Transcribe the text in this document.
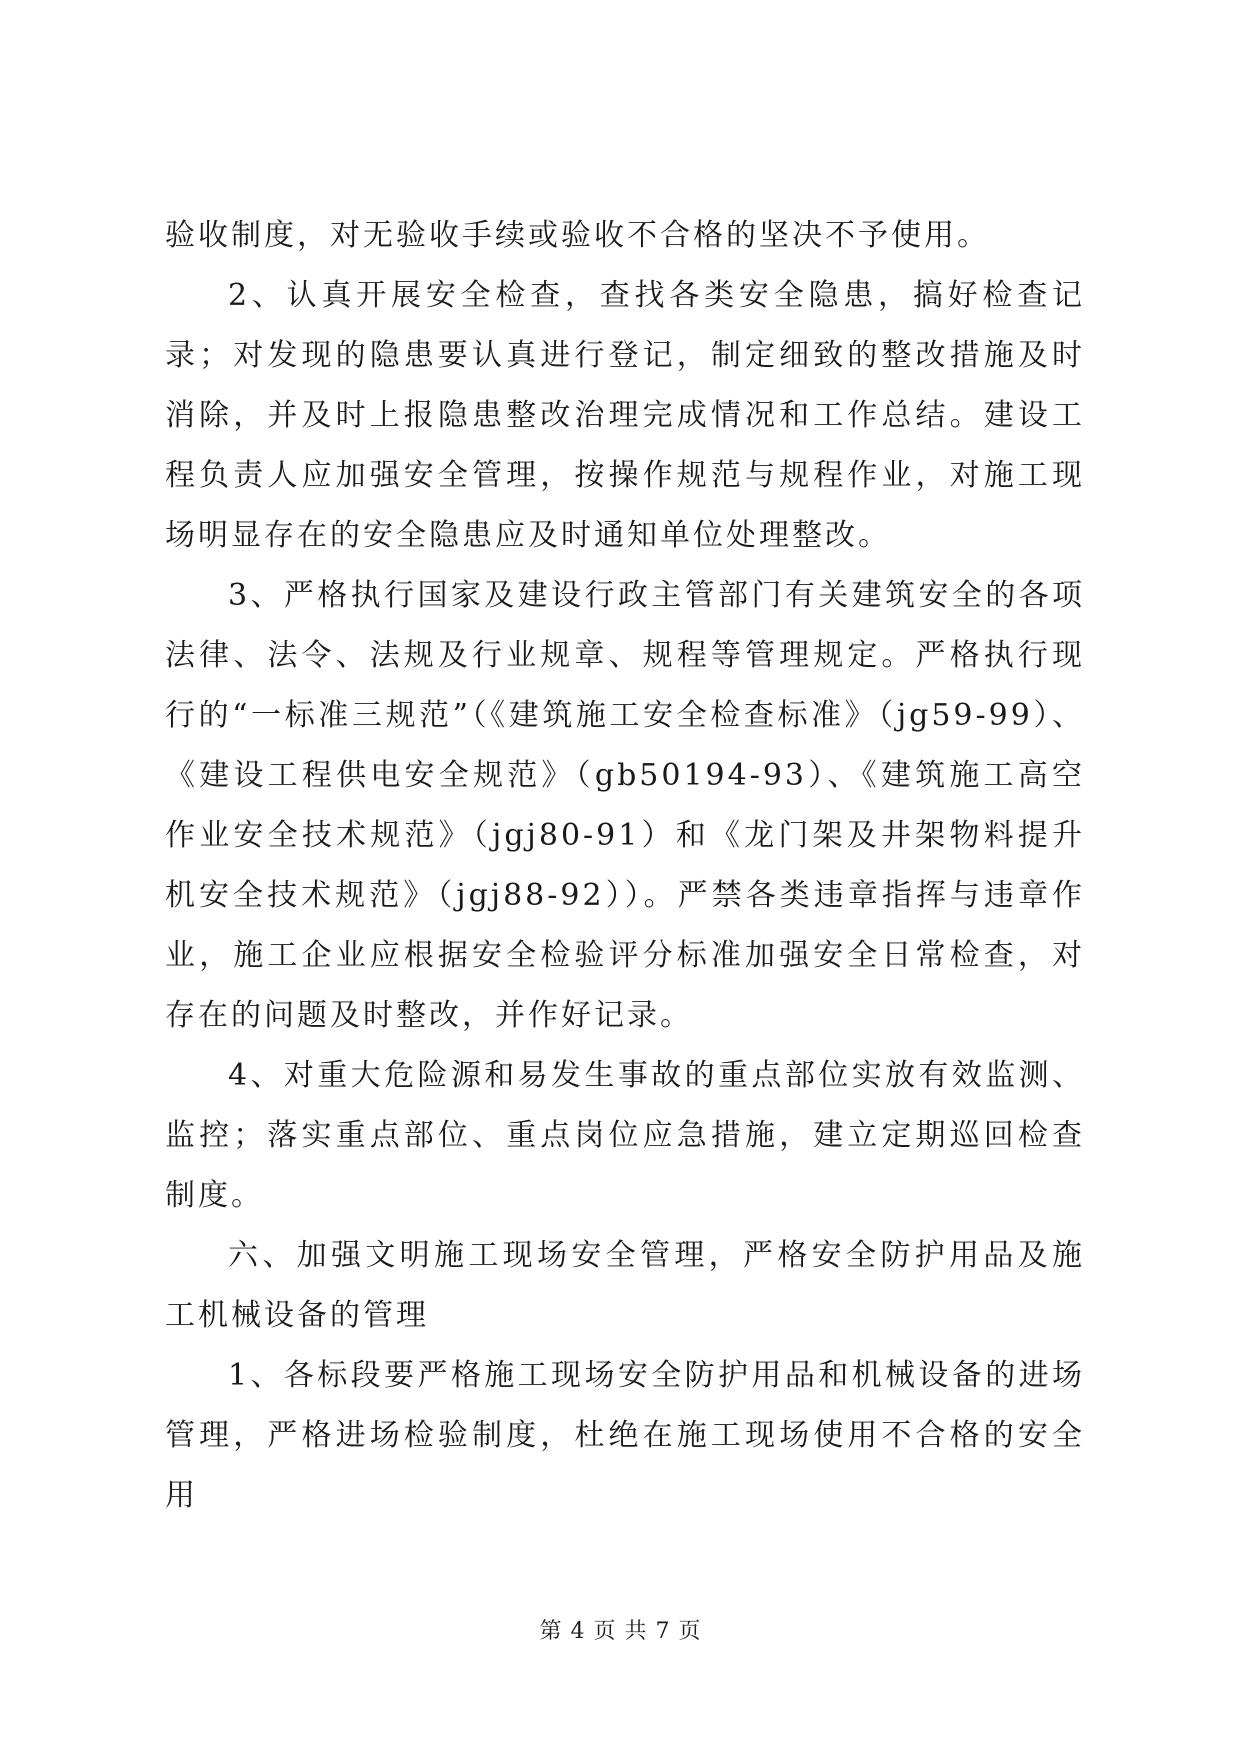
验收制度，对无验收手续或验收不合格的坚决不予使用。

2、认真开展安全检查，查找各类安全隐患，搞好检查记录；对发现的隐患要认真进行登记，制定细致的整改措施及时消除，并及时上报隐患整改治理完成情况和工作总结。建设工程负责人应加强安全管理，按操作规范与规程作业，对施工现场明显存在的安全隐患应及时通知单位处理整改。

3、严格执行国家及建设行政主管部门有关建筑安全的各项法律、法令、法规及行业规章、规程等管理规定。严格执行现行的“一标准三规范”（《建筑施工安全检查标准》（jg59-99）、《建设工程供电安全规范》（gb50194-93）、《建筑施工高空作业安全技术规范》（jgj80-91）和《龙门架及井架物料提升机安全技术规范》（jgj88-92））。严禁各类违章指挥与违章作业，施工企业应根据安全检验评分标准加强安全日常检查，对存在的问题及时整改，并作好记录。

4、对重大危险源和易发生事故的重点部位实放有效监测、监控；落实重点部位、重点岗位应急措施，建立定期巡回检查制度。

六、加强文明施工现场安全管理，严格安全防护用品及施工机械设备的管理

1、各标段要严格施工现场安全防护用品和机械设备的进场管理，严格进场检验制度，杜绝在施工现场使用不合格的安全用

第 4 页 共 7 页
